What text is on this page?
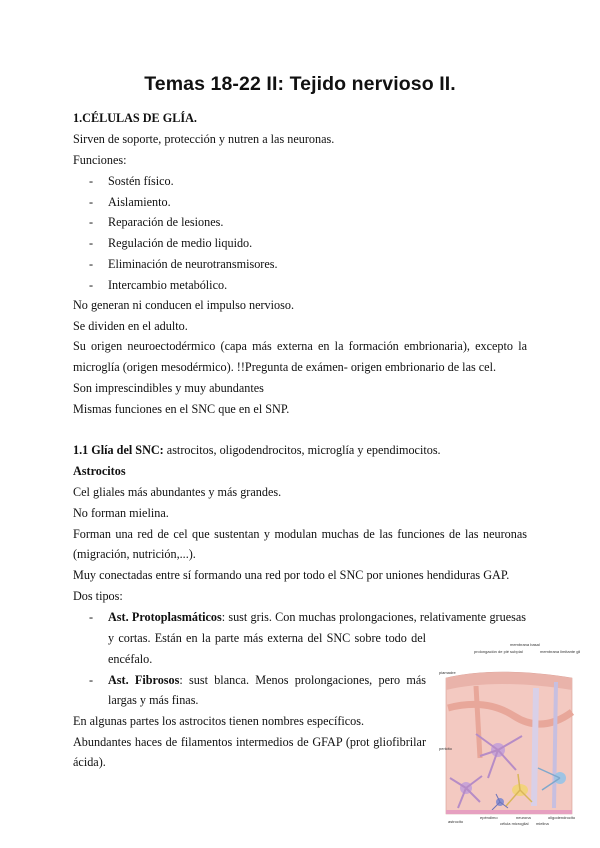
Temas 18-22 II: Tejido nervioso II.
1.CÉLULAS DE GLÍA.
Sirven de soporte, protección y nutren a las neuronas.
Funciones:
- Sostén físico.
- Aislamiento.
- Reparación de lesiones.
- Regulación de medio liquido.
- Eliminación de neurotransmisores.
- Intercambio metabólico.
No generan ni conducen el impulso nervioso.
Se dividen en el adulto.
Su origen neuroectodérmico (capa más externa en la formación embrionaria), excepto la
microglía (origen mesodérmico). !!Pregunta de exámen- origen embrionario de las cel.
Son imprescindibles y muy abundantes
Mismas funciones en el SNC que en el SNP.
1.1 Glía del SNC: astrocitos, oligodendrocitos, microglía y ependimocitos.
Astrocitos
Cel gliales más abundantes y más grandes.
No forman mielina.
Forman una red de cel que sustentan y modulan muchas de las funciones de las neuronas
(migración, nutrición,...).
Muy conectadas entre sí formando una red por todo el SNC por uniones hendiduras GAP.
Dos tipos:
- Ast. Protoplasmáticos: sust gris. Con muchas prolongaciones, relativamente gruesas
y cortas. Están en la parte más externa del SNC sobre todo del
encéfalo.
- Ast. Fibrosos: sust blanca. Menos prolongaciones, pero más
largas y más finas.
En algunas partes los astrocitos tienen nombres específicos.
Abundantes haces de filamentos intermedios de GFAP (prot gliofibrilar
ácida).
membrana basal
prolongación de pié subpial	membrana limitante glial
piamadre
pericito
astrocito
epéndimo	neurona	oligodendrocito
célula microglial mielina
